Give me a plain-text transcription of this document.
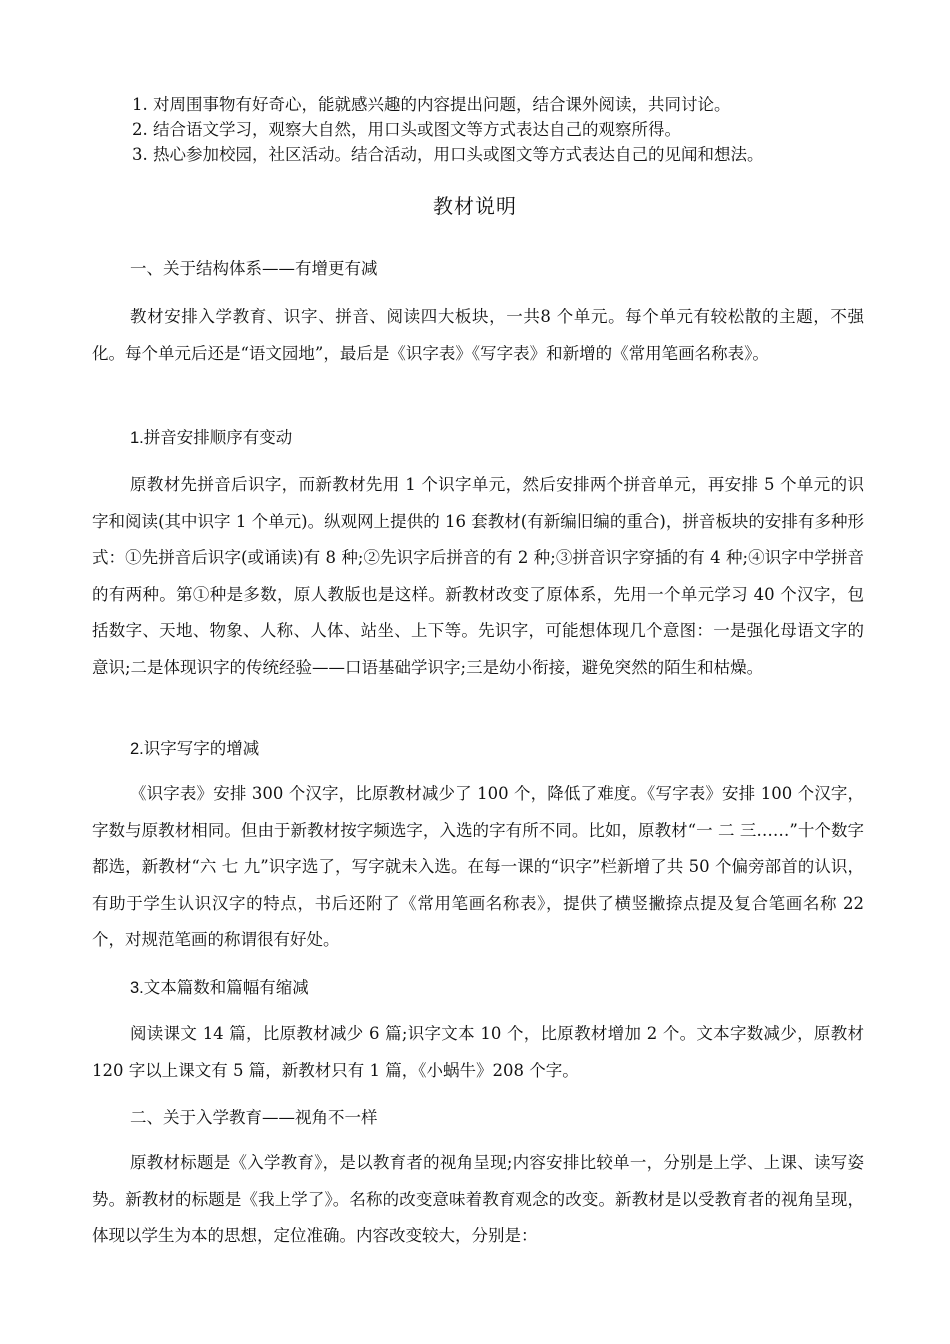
1. 对周围事物有好奇心，能就感兴趣的内容提出问题，结合课外阅读，共同讨论。
2. 结合语文学习，观察大自然，用口头或图文等方式表达自己的观察所得。
3. 热心参加校园，社区活动。结合活动，用口头或图文等方式表达自己的见闻和想法。
教材说明
一、关于结构体系——有增更有减
教材安排入学教育、识字、拼音、阅读四大板块，一共8 个单元。每个单元有较松散的主题，不强化。每个单元后还是“语文园地”，最后是《识字表》《写字表》和新增的《常用笔画名称表》。
1.拼音安排顺序有变动
原教材先拼音后识字，而新教材先用 1 个识字单元，然后安排两个拼音单元，再安排 5 个单元的识字和阅读(其中识字 1 个单元)。纵观网上提供的 16 套教材(有新编旧编的重合)，拼音板块的安排有多种形式：①先拼音后识字(或诵读)有 8 种;②先识字后拼音的有 2 种;③拼音识字穿插的有 4 种;④识字中学拼音的有两种。第①种是多数，原人教版也是这样。新教材改变了原体系，先用一个单元学习 40 个汉字，包括数字、天地、物象、人称、人体、站坐、上下等。先识字，可能想体现几个意图：一是强化母语文字的意识;二是体现识字的传统经验——口语基础学识字;三是幼小衔接，避免突然的陌生和枯燥。
2.识字写字的增减
《识字表》安排 300 个汉字，比原教材减少了 100 个，降低了难度。《写字表》安排 100 个汉字，字数与原教材相同。但由于新教材按字频选字，入选的字有所不同。比如，原教材“一 二 三……”十个数字都选，新教材“六 七 九”识字选了，写字就未入选。在每一课的“识字”栏新增了共 50 个偏旁部首的认识，有助于学生认识汉字的特点，书后还附了《常用笔画名称表》，提供了横竖撇捺点提及复合笔画名称 22 个，对规范笔画的称谓很有好处。
3.文本篇数和篇幅有缩减
阅读课文 14 篇，比原教材减少 6 篇;识字文本 10 个，比原教材增加 2 个。文本字数减少，原教材 120 字以上课文有 5 篇，新教材只有 1 篇，《小蜗牛》208 个字。
二、关于入学教育——视角不一样
原教材标题是《入学教育》，是以教育者的视角呈现;内容安排比较单一，分别是上学、上课、读写姿势。新教材的标题是《我上学了》。名称的改变意味着教育观念的改变。新教材是以受教育者的视角呈现，体现以学生为本的思想，定位准确。内容改变较大，分别是：
